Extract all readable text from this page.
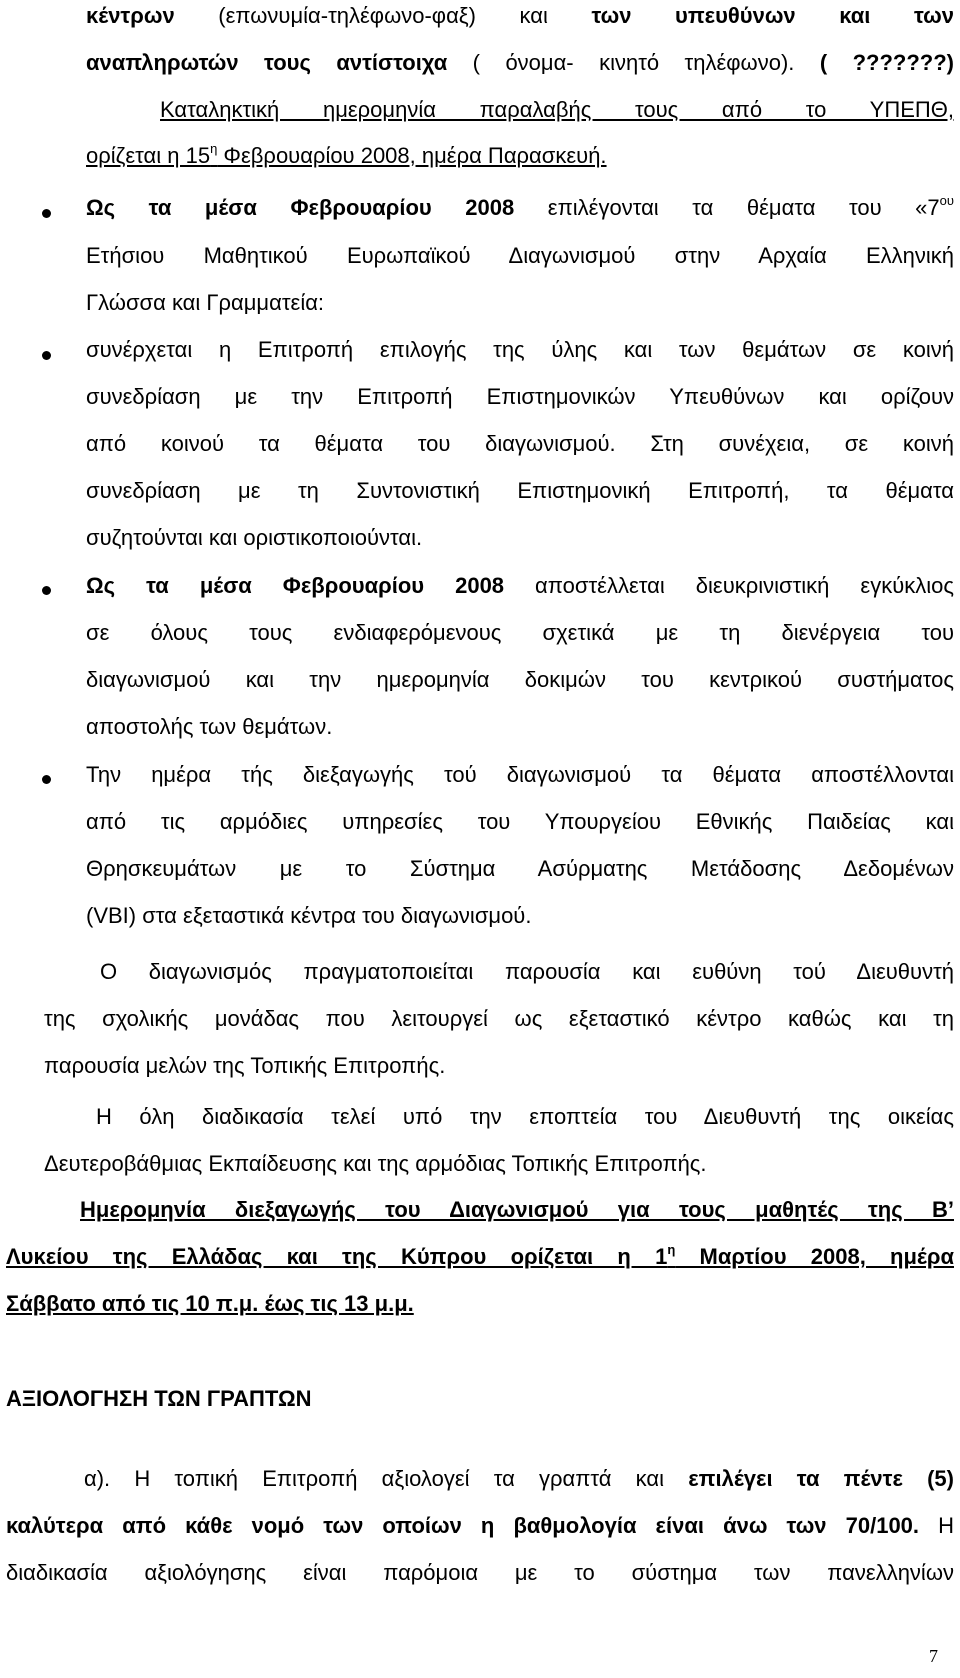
κέντρων (επωνυμία-τηλέφωνο-φαξ) και των υπευθύνων και των
αναπληρωτών τους αντίστοιχα ( όνομα- κινητό τηλέφωνο). ( ???????)
Καταληκτική ημερομηνία παραλαβής τους από το ΥΠΕΠΘ,
ορίζεται η $15^\eta$ Φεβρουαρίου 2008, ημέρα Παρασκευή.
Ως τα μέσα Φεβρουαρίου 2008 επιλέγονται τα θέματα του «$7^{o\upsilon}$
Ετήσιου Μαθητικού Ευρωπαϊκού Διαγωνισμού στην Αρχαία Ελληνική
Γλώσσα και Γραμματεία:
συνέρχεται η Επιτροπή επιλογής της ύλης και των θεμάτων σε κοινή
συνεδρίαση με την Επιτροπή Επιστημονικών Υπευθύνων και ορίζουν
από κοινού τα θέματα του διαγωνισμού. Στη συνέχεια, σε κοινή
συνεδρίαση με τη Συντονιστική Επιστημονική Επιτροπή, τα θέματα
συζητούνται και οριστικοποιούνται.
Ως τα μέσα Φεβρουαρίου 2008 αποστέλλεται διευκρινιστική εγκύκλιος
σε όλους τους ενδιαφερόμενους σχετικά με τη διενέργεια του
διαγωνισμού και την ημερομηνία δοκιμών του κεντρικού συστήματος
αποστολής των θεμάτων.
Την ημέρα τής διεξαγωγής τού διαγωνισμού τα θέματα αποστέλλονται
από τις αρμόδιες υπηρεσίες του Υπουργείου Εθνικής Παιδείας και
Θρησκευμάτων με το Σύστημα Ασύρματης Μετάδοσης Δεδομένων
(VBI) στα εξεταστικά κέντρα του διαγωνισμού.
Ο διαγωνισμός πραγματοποιείται παρουσία και ευθύνη τού Διευθυντή
της σχολικής μονάδας που λειτουργεί ως εξεταστικό κέντρο καθώς και τη
παρουσία μελών της Τοπικής Επιτροπής.
Η όλη διαδικασία τελεί υπό την εποπτεία του Διευθυντή της οικείας
Δευτεροβάθμιας Εκπαίδευσης και της αρμόδιας Τοπικής Επιτροπής.
Ημερομηνία διεξαγωγής του Διαγωνισμού για τους μαθητές της Β’
Λυκείου της Ελλάδας και της Κύπρου ορίζεται η $1^\eta$ Μαρτίου 2008, ημέρα
Σάββατο από τις 10 π.μ. έως τις 13 μ.μ.
ΑΞΙΟΛΟΓΗΣΗ ΤΩΝ ΓΡΑΠΤΩΝ
α). Η τοπική Επιτροπή αξιολογεί τα γραπτά και επιλέγει τα πέντε (5)
καλύτερα από κάθε νομό των οποίων η βαθμολογία είναι άνω των 70/100. Η
διαδικασία αξιολόγησης είναι παρόμοια με το σύστημα των πανελληνίων
7
